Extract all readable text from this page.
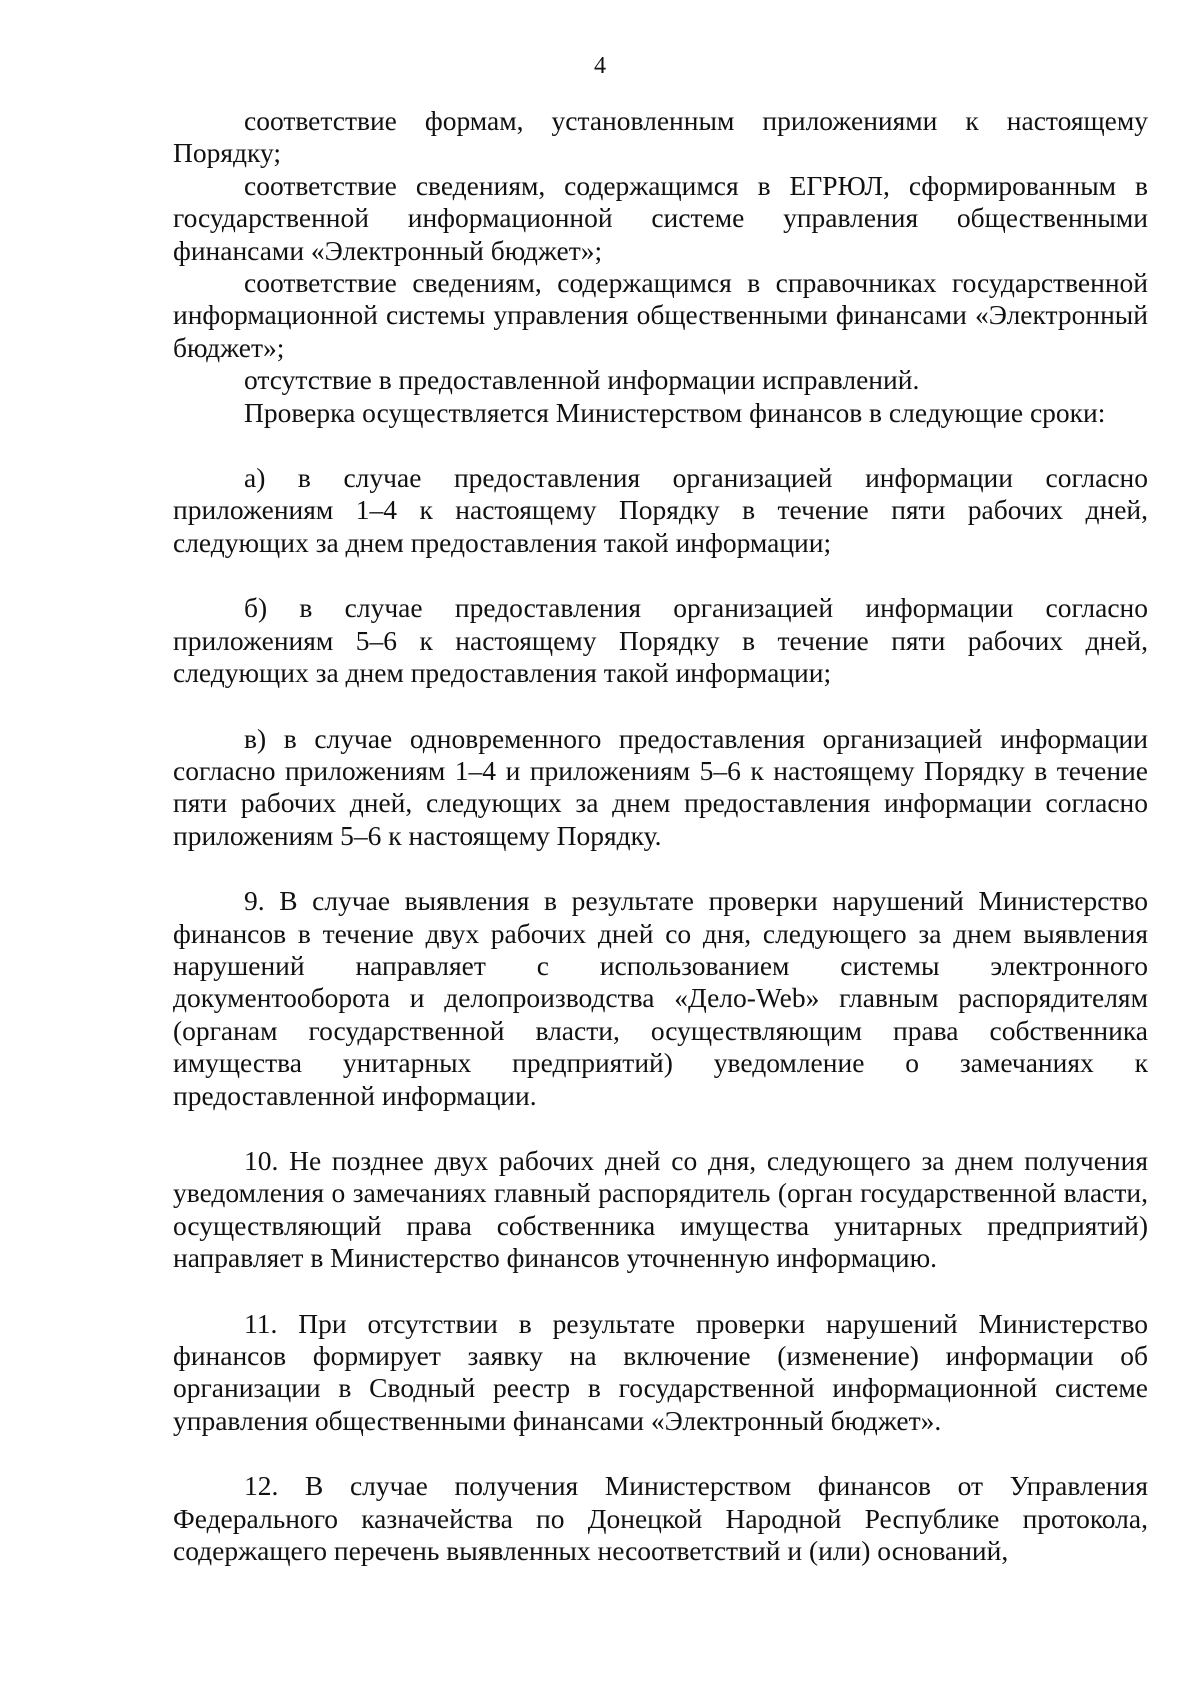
4

соответствие формам, установленным приложениями к настоящему Порядку;

соответствие сведениям, содержащимся в ЕГРЮЛ, сформированным в государственной информационной системе управления общественными финансами «Электронный бюджет»;

соответствие сведениям, содержащимся в справочниках государственной информационной системы управления общественными финансами «Электронный бюджет»;

отсутствие в предоставленной информации исправлений.

Проверка осуществляется Министерством финансов в следующие сроки:

а) в случае предоставления организацией информации согласно приложениям 1–4 к настоящему Порядку в течение пяти рабочих дней, следующих за днем предоставления такой информации;

б) в случае предоставления организацией информации согласно приложениям 5–6 к настоящему Порядку в течение пяти рабочих дней, следующих за днем предоставления такой информации;

в) в случае одновременного предоставления организацией информации согласно приложениям 1–4 и приложениям 5–6 к настоящему Порядку в течение пяти рабочих дней, следующих за днем предоставления информации согласно приложениям 5–6 к настоящему Порядку.

9. В случае выявления в результате проверки нарушений Министерство финансов в течение двух рабочих дней со дня, следующего за днем выявления нарушений направляет с использованием системы электронного документооборота и делопроизводства «Дело-Web» главным распорядителям (органам государственной власти, осуществляющим права собственника имущества унитарных предприятий) уведомление о замечаниях к предоставленной информации.

10. Не позднее двух рабочих дней со дня, следующего за днем получения уведомления о замечаниях главный распорядитель (орган государственной власти, осуществляющий права собственника имущества унитарных предприятий) направляет в Министерство финансов уточненную информацию.

11. При отсутствии в результате проверки нарушений Министерство финансов формирует заявку на включение (изменение) информации об организации в Сводный реестр в государственной информационной системе управления общественными финансами «Электронный бюджет».

12. В случае получения Министерством финансов от Управления Федерального казначейства по Донецкой Народной Республике протокола, содержащего перечень выявленных несоответствий и (или) оснований,
